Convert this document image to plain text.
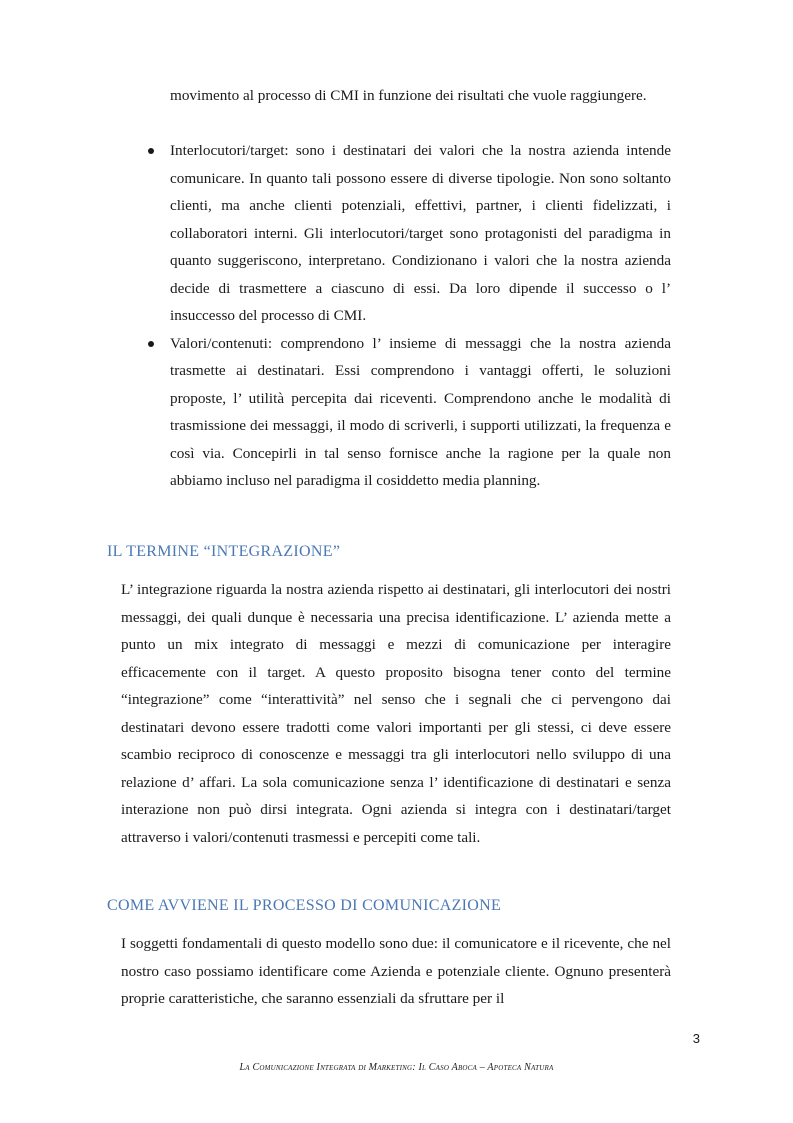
movimento al processo di CMI in funzione dei risultati che vuole raggiungere.
Interlocutori/target: sono i destinatari dei valori che la nostra azienda intende comunicare. In quanto tali possono essere di diverse tipologie. Non sono soltanto clienti, ma anche clienti potenziali, effettivi, partner, i clienti fidelizzati, i collaboratori interni. Gli interlocutori/target sono protagonisti del paradigma in quanto suggeriscono, interpretano. Condizionano i valori che la nostra azienda decide di trasmettere a ciascuno di essi. Da loro dipende il successo o l’ insuccesso del processo di CMI.
Valori/contenuti: comprendono l’ insieme di messaggi che la nostra azienda trasmette ai destinatari. Essi comprendono i vantaggi offerti, le soluzioni proposte, l’ utilità percepita dai riceventi. Comprendono anche le modalità di trasmissione dei messaggi, il modo di scriverli, i supporti utilizzati, la frequenza e così via. Concepirli in tal senso fornisce anche la ragione per la quale non abbiamo incluso nel paradigma il cosiddetto media planning.
IL TERMINE “INTEGRAZIONE”

L’ integrazione riguarda la nostra azienda rispetto ai destinatari, gli interlocutori dei nostri messaggi, dei quali dunque è necessaria una precisa identificazione. L’ azienda mette a punto un mix integrato di messaggi e mezzi di comunicazione per interagire efficacemente con il target. A questo proposito bisogna tener conto del termine “integrazione” come “interattività” nel senso che i segnali che ci pervengono dai destinatari devono essere tradotti come valori importanti per gli stessi, ci deve essere scambio reciproco di conoscenze e messaggi tra gli interlocutori nello sviluppo di una relazione d’ affari. La sola comunicazione senza l’ identificazione di destinatari e senza interazione non può dirsi integrata. Ogni azienda si integra con i destinatari/target attraverso i valori/contenuti trasmessi e percepiti come tali.

COME AVVIENE IL PROCESSO DI COMUNICAZIONE

I soggetti fondamentali di questo modello sono due: il comunicatore e il ricevente, che nel nostro caso possiamo identificare come Azienda e potenziale cliente. Ognuno presenterà proprie caratteristiche, che saranno essenziali da sfruttare per il

3
La Comunicazione Integrata di Marketing: Il Caso Aboca – Apoteca Natura
